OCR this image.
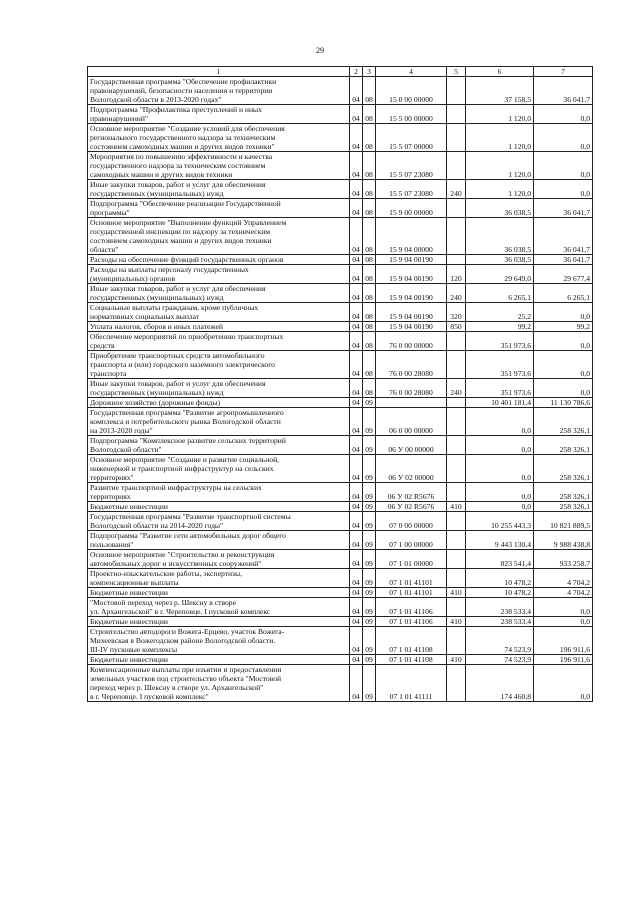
29
1	2	3	4	5	6	7
Государственная программа "Обеспечение профилактики
правонарушений, безопасности населения и территории
Вологодской области в 2013-2020 годах"	04	08	15 0 00 00000		37 158,5	36 041,7
Подпрограмма "Профилактика преступлений и иных
правонарушений"	04	08	15 5 00 00000		1 120,0	0,0
Основное мероприятие "Создание условий для обеспечения
регионального государственного надзора за техническим
состоянием самоходных машин и других видов техники"	04	08	15 5 07 00000		1 120,0	0,0
Мероприятия по повышению эффективности и качества
государственного надзора за техническим состоянием
самоходных машин и других видов техники	04	08	15 5 07 23080		1 120,0	0,0
Иные закупки товаров, работ и услуг для обеспечения
государственных (муниципальных) нужд	04	08	15 5 07 23080	240	1 120,0	0,0
Подпрограмма "Обеспечение реализации Государственной
программы"	04	08	15 9 00 00000		36 038,5	36 041,7
Основное мероприятие "Выполнение функций Управлением
государственной инспекции по надзору за техническим
состоянием самоходных машин и других видов техники
области"	04	08	15 9 04 00000		36 038,5	36 041,7
Расходы на обеспечение функций государственных органов	04	08	15 9 04 00190		36 038,5	36 041,7
Расходы на выплаты персоналу государственных
(муниципальных) органов	04	08	15 9 04 00190	120	29 649,0	29 677,4
Иные закупки товаров, работ и услуг для обеспечения
государственных (муниципальных) нужд	04	08	15 9 04 00190	240	6 265,1	6 265,1
Социальные выплаты гражданам, кроме публичных
нормативных социальных выплат	04	08	15 9 04 00190	320	25,2	0,0
Уплата налогов, сборов и иных платежей	04	08	15 9 04 00190	850	99,2	99,2
Обеспечение мероприятий по приобретению транспортных
средств	04	08	76 0 00 00000		351 973,6	0,0
Приобретение транспортных средств автомобильного
транспорта и (или) городского наземного электрического
транспорта	04	08	76 0 00 28080		351 973,6	0,0
Иные закупки товаров, работ и услуг для обеспечения
государственных (муниципальных) нужд	04	08	76 0 00 28080	240	351 973,6	0,0
Дорожное хозяйство (дорожные фонды)	04	09			10 401 181,4	11 130 786,6
Государственная программа "Развитие агропромышленного
комплекса и потребительского рынка Вологодской области
на 2013-2020 годы"	04	09	06 0 00 00000		0,0	258 326,1
Подпрограмма "Комплексное развитие сельских территорий
Вологодской области"	04	09	06 У 00 00000		0,0	258 326,1
Основное мероприятие "Создание и развитие социальной,
инженерной и транспортной инфраструктур на сельских
территориях"	04	09	06 У 02 00000		0,0	258 326,1
Развитие транспортной инфраструктуры на сельских
территориях	04	09	06 У 02 R5676		0,0	258 326,1
Бюджетные инвестиции	04	09	06 У 02 R5676	410	0,0	258 326,1
Государственная программа "Развитие транспортной системы
Вологодской области на 2014-2020 годы"	04	09	07 0 00 00000		10 255 443,3	10 821 889,5
Подпрограмма "Развитие сети автомобильных дорог общего
пользования"	04	09	07 1 00 00000		9 443 130,4	9 988 438,8
Основное мероприятие "Строительство и реконструкция
автомобильных дорог и искусственных сооружений"	04	09	07 1 01 00000		823 541,4	933 258,7
Проектно-изыскательские работы, экспертизы,
компенсационные выплаты	04	09	07 1 01 41101		10 478,2	4 704,2
Бюджетные инвестиции	04	09	07 1 01 41101	410	10 478,2	4 704,2
"Мостовой переход через р. Шексну в створе
ул. Архангельской" в г. Череповце. I пусковой комплекс	04	09	07 1 01 41106		238 533,4	0,0
Бюджетные инвестиции	04	09	07 1 01 41106	410	238 533,4	0,0
Строительство автодороги Вожега-Ерцево, участок Вожега-
Михеевская в Вожегодском районе Вологодской области.
III-IV пусковые комплексы	04	09	07 1 01 41108		74 523,9	196 911,6
Бюджетные инвестиции	04	09	07 1 01 41108	410	74 523,9	196 911,6
Компенсационные выплаты при изъятии и предоставлении
земельных участков под строительство объекта "Мостовой
переход через р. Шексну в створе ул. Архангельской"
в г. Череповце. I пусковой комплекс"	04	09	07 1 01 41111		174 460,8	0,0
